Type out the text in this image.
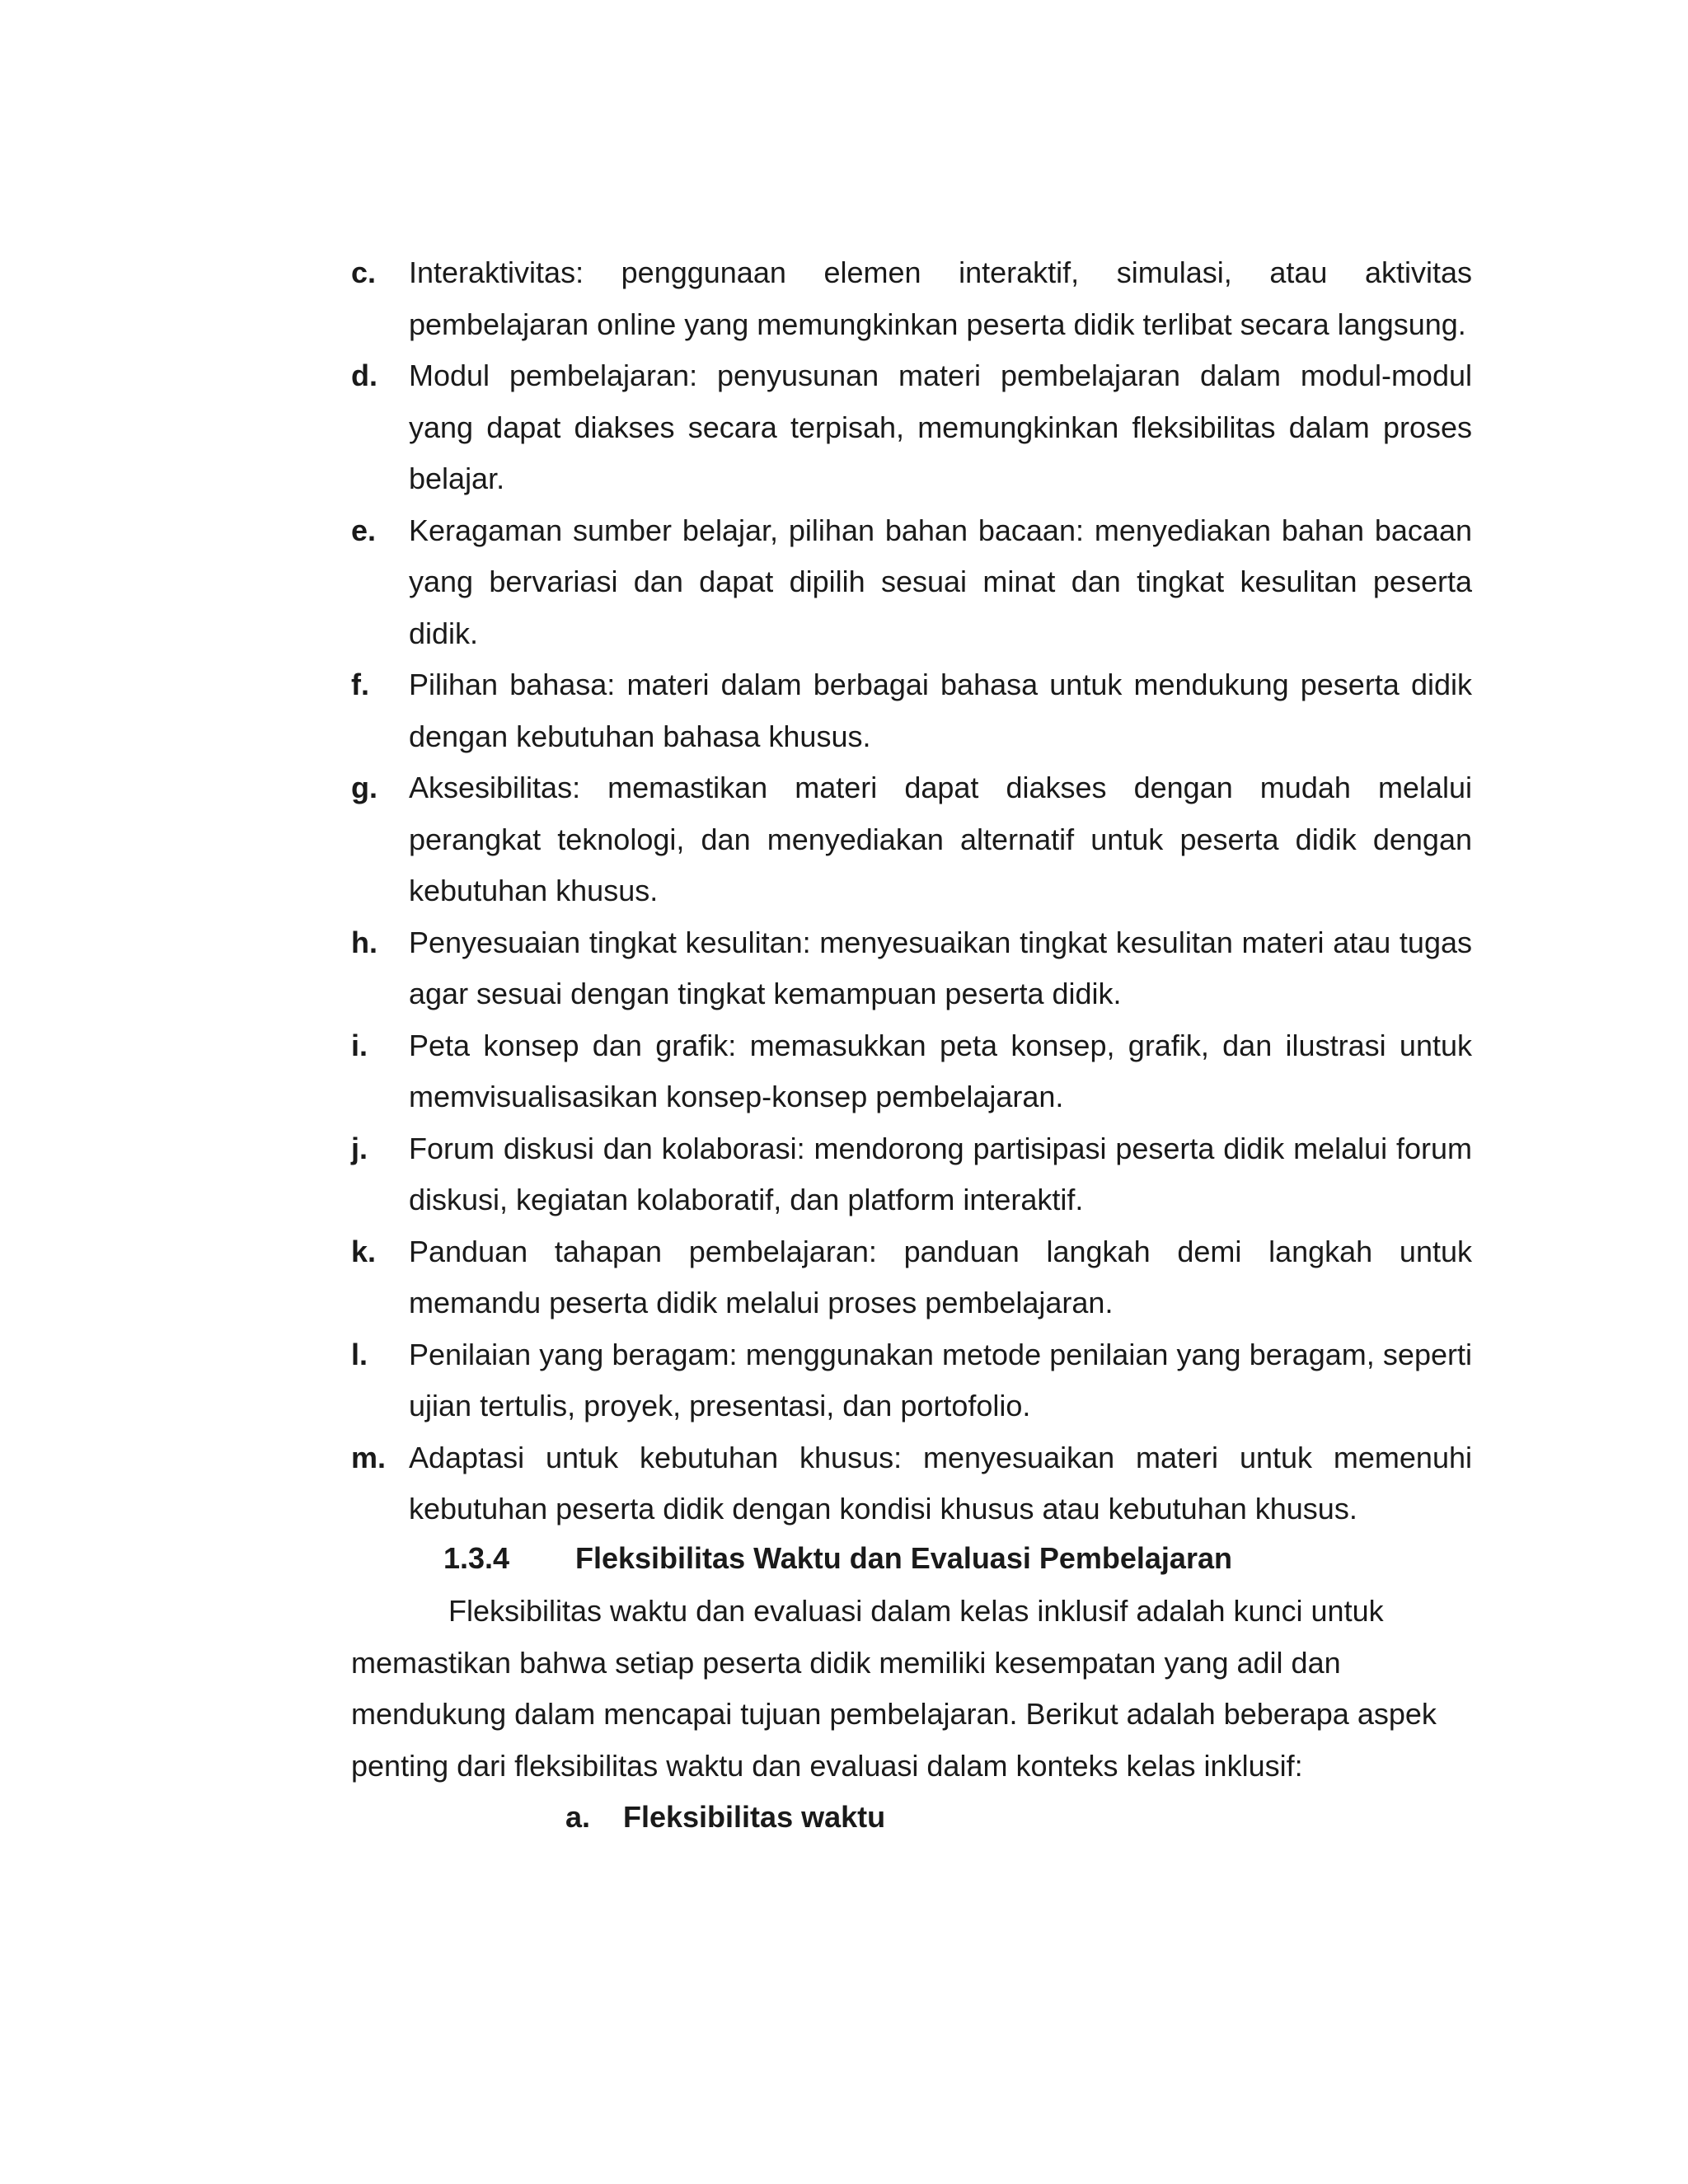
c. Interaktivitas: penggunaan elemen interaktif, simulasi, atau aktivitas pembelajaran online yang memungkinkan peserta didik terlibat secara langsung.
d. Modul pembelajaran: penyusunan materi pembelajaran dalam modul-modul yang dapat diakses secara terpisah, memungkinkan fleksibilitas dalam proses belajar.
e. Keragaman sumber belajar, pilihan bahan bacaan: menyediakan bahan bacaan yang bervariasi dan dapat dipilih sesuai minat dan tingkat kesulitan peserta didik.
f. Pilihan bahasa: materi dalam berbagai bahasa untuk mendukung peserta didik dengan kebutuhan bahasa khusus.
g. Aksesibilitas: memastikan materi dapat diakses dengan mudah melalui perangkat teknologi, dan menyediakan alternatif untuk peserta didik dengan kebutuhan khusus.
h. Penyesuaian tingkat kesulitan: menyesuaikan tingkat kesulitan materi atau tugas agar sesuai dengan tingkat kemampuan peserta didik.
i. Peta konsep dan grafik: memasukkan peta konsep, grafik, dan ilustrasi untuk memvisualisasikan konsep-konsep pembelajaran.
j. Forum diskusi dan kolaborasi: mendorong partisipasi peserta didik melalui forum diskusi, kegiatan kolaboratif, dan platform interaktif.
k. Panduan tahapan pembelajaran: panduan langkah demi langkah untuk memandu peserta didik melalui proses pembelajaran.
l. Penilaian yang beragam: menggunakan metode penilaian yang beragam, seperti ujian tertulis, proyek, presentasi, dan portofolio.
m. Adaptasi untuk kebutuhan khusus: menyesuaikan materi untuk memenuhi kebutuhan peserta didik dengan kondisi khusus atau kebutuhan khusus.
1.3.4 Fleksibilitas Waktu dan Evaluasi Pembelajaran

Fleksibilitas waktu dan evaluasi dalam kelas inklusif adalah kunci untuk memastikan bahwa setiap peserta didik memiliki kesempatan yang adil dan mendukung dalam mencapai tujuan pembelajaran. Berikut adalah beberapa aspek penting dari fleksibilitas waktu dan evaluasi dalam konteks kelas inklusif:

a. Fleksibilitas waktu
